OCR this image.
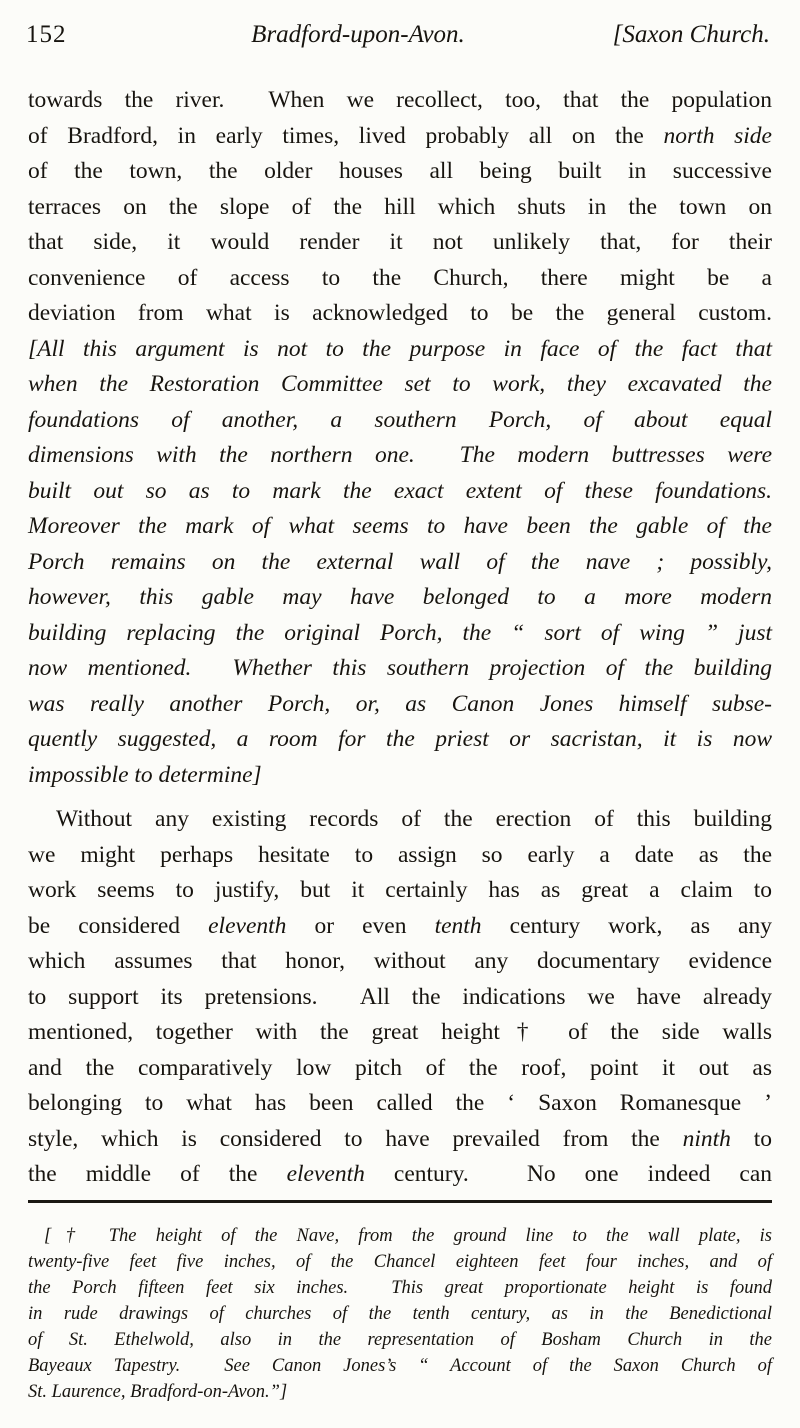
152	Bradford-upon-Avon.	[Saxon Church.
towards the river.  When we recollect, too, that the population
of Bradford, in early times, lived probably all on the north side
of the town, the older houses all being built in successive
terraces on the slope of the hill which shuts in the town on
that side, it would render it not unlikely that, for their
convenience of access to the Church, there might be a
deviation from what is acknowledged to be the general custom.
[All this argument is not to the purpose in face of the fact that
when the Restoration Committee set to work, they excavated the
foundations of another, a southern Porch, of about equal
dimensions with the northern one.  The modern buttresses were
built out so as to mark the exact extent of these foundations.
Moreover the mark of what seems to have been the gable of the
Porch remains on the external wall of the nave ; possibly,
however, this gable may have belonged to a more modern
building replacing the original Porch, the “ sort of wing ” just
now mentioned.  Whether this southern projection of the building
was really another Porch, or, as Canon Jones himself subse-
quently suggested, a room for the priest or sacristan, it is now
impossible to determine]
Without any existing records of the erection of this building
we might perhaps hesitate to assign so early a date as the
work seems to justify, but it certainly has as great a claim to
be considered eleventh or even tenth century work, as any
which assumes that honor, without any documentary evidence
to support its pretensions.  All the indications we have already
mentioned, together with the great height† of the side walls
and the comparatively low pitch of the roof, point it out as
belonging to what has been called the ‘ Saxon Romanesque ’
style, which is considered to have prevailed from the ninth to
the middle of the eleventh century.  No one indeed can
[† The height of the Nave, from the ground line to the wall plate, is
twenty-five feet five inches, of the Chancel eighteen feet four inches, and of
the Porch fifteen feet six inches.  This great proportionate height is found
in rude drawings of churches of the tenth century, as in the Benedictional
of St. Ethelwold, also in the representation of Bosham Church in the
Bayeaux Tapestry.  See Canon Jones’s “ Account of the Saxon Church of
St. Laurence, Bradford-on-Avon.”]
